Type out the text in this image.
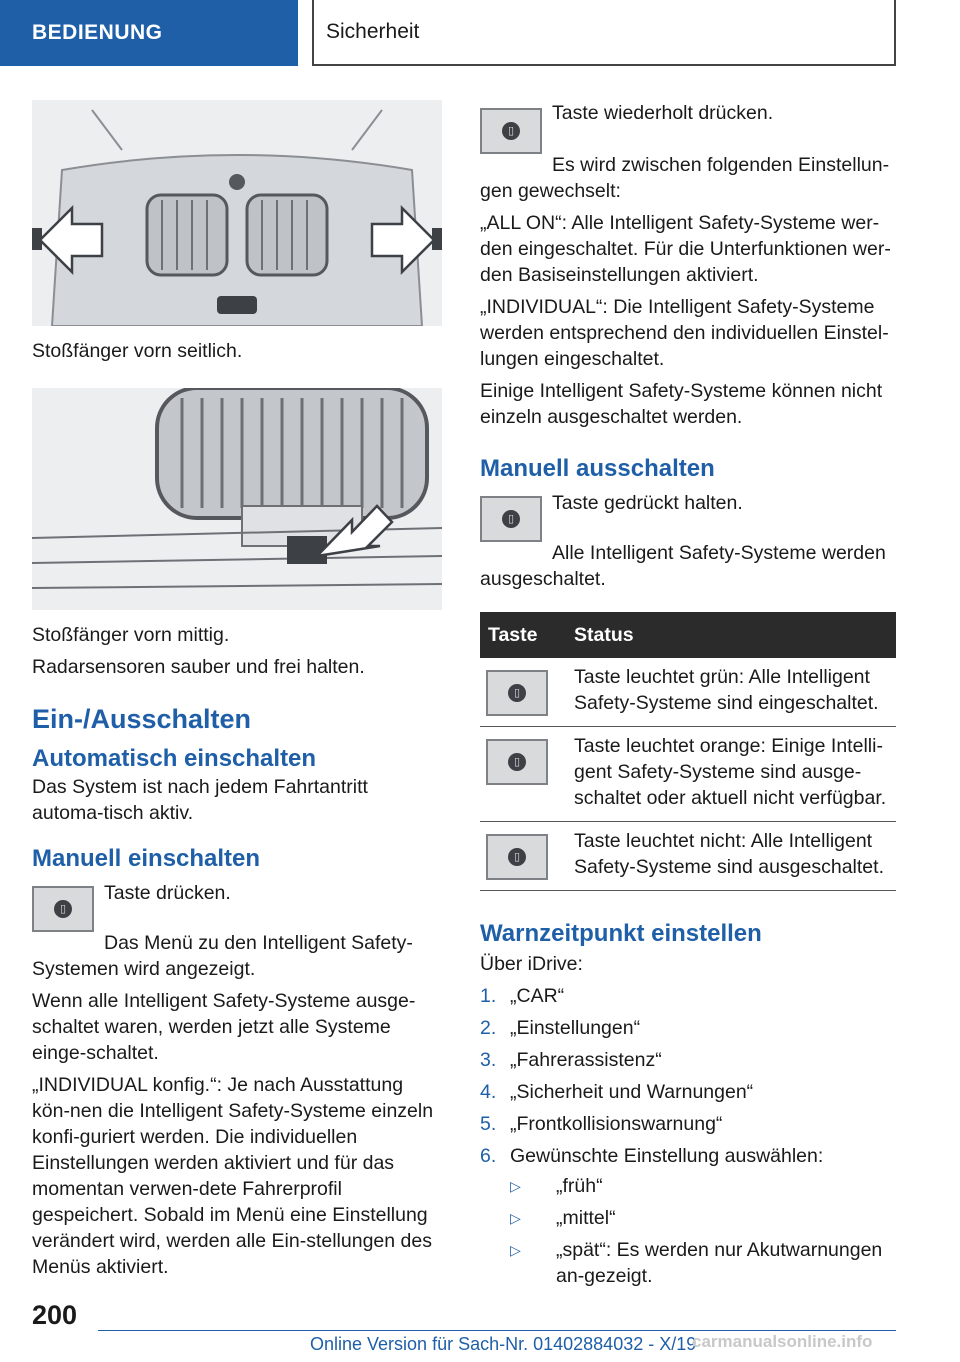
BEDIENUNG	Sicherheit

Stoßfänger vorn seitlich.

Stoßfänger vorn mittig.

Radarsensoren sauber und frei halten.

Ein-/Ausschalten
Automatisch einschalten

Das System ist nach jedem Fahrtantritt automa-tisch aktiv.

Manuell einschalten
▯

Taste drücken.

Das Menü zu den Intelligent Safety-Systemen wird angezeigt.

Wenn alle Intelligent Safety-Systeme ausge-schaltet waren, werden jetzt alle Systeme einge-schaltet.

„INDIVIDUAL konfig.“: Je nach Ausstattung kön-nen die Intelligent Safety-Systeme einzeln konfi-guriert werden. Die individuellen Einstellungen werden aktiviert und für das momentan verwen-dete Fahrerprofil gespeichert. Sobald im Menü eine Einstellung verändert wird, werden alle Ein-stellungen des Menüs aktiviert.

▯

Taste wiederholt drücken.

Es wird zwischen folgenden Einstellun-gen gewechselt:

„ALL ON“: Alle Intelligent Safety-Systeme wer-den eingeschaltet. Für die Unterfunktionen wer-den Basiseinstellungen aktiviert.

„INDIVIDUAL“: Die Intelligent Safety-Systeme werden entsprechend den individuellen Einstel-lungen eingeschaltet.

Einige Intelligent Safety-Systeme können nicht einzeln ausgeschaltet werden.

Manuell ausschalten
▯

Taste gedrückt halten.

Alle Intelligent Safety-Systeme werden ausgeschaltet.

Taste	Status

▯	Taste leuchtet grün: Alle Intelligent Safety-Systeme sind eingeschaltet.

▯	Taste leuchtet orange: Einige Intelli-gent Safety-Systeme sind ausge-schaltet oder aktuell nicht verfügbar.

▯	Taste leuchtet nicht: Alle Intelligent Safety-Systeme sind ausgeschaltet.
Warnzeitpunkt einstellen

Über iDrive:

1. „CAR“
2. „Einstellungen“
3. „Fahrerassistenz“
4. „Sicherheit und Warnungen“
5. „Frontkollisionswarnung“
6. Gewünschte Einstellung auswählen:
▷	„früh“
▷	„mittel“
▷	„spät“: Es werden nur Akutwarnungen an-gezeigt.
200
Online Version für Sach-Nr. 01402884032 - X/19
carmanualsonline.info
